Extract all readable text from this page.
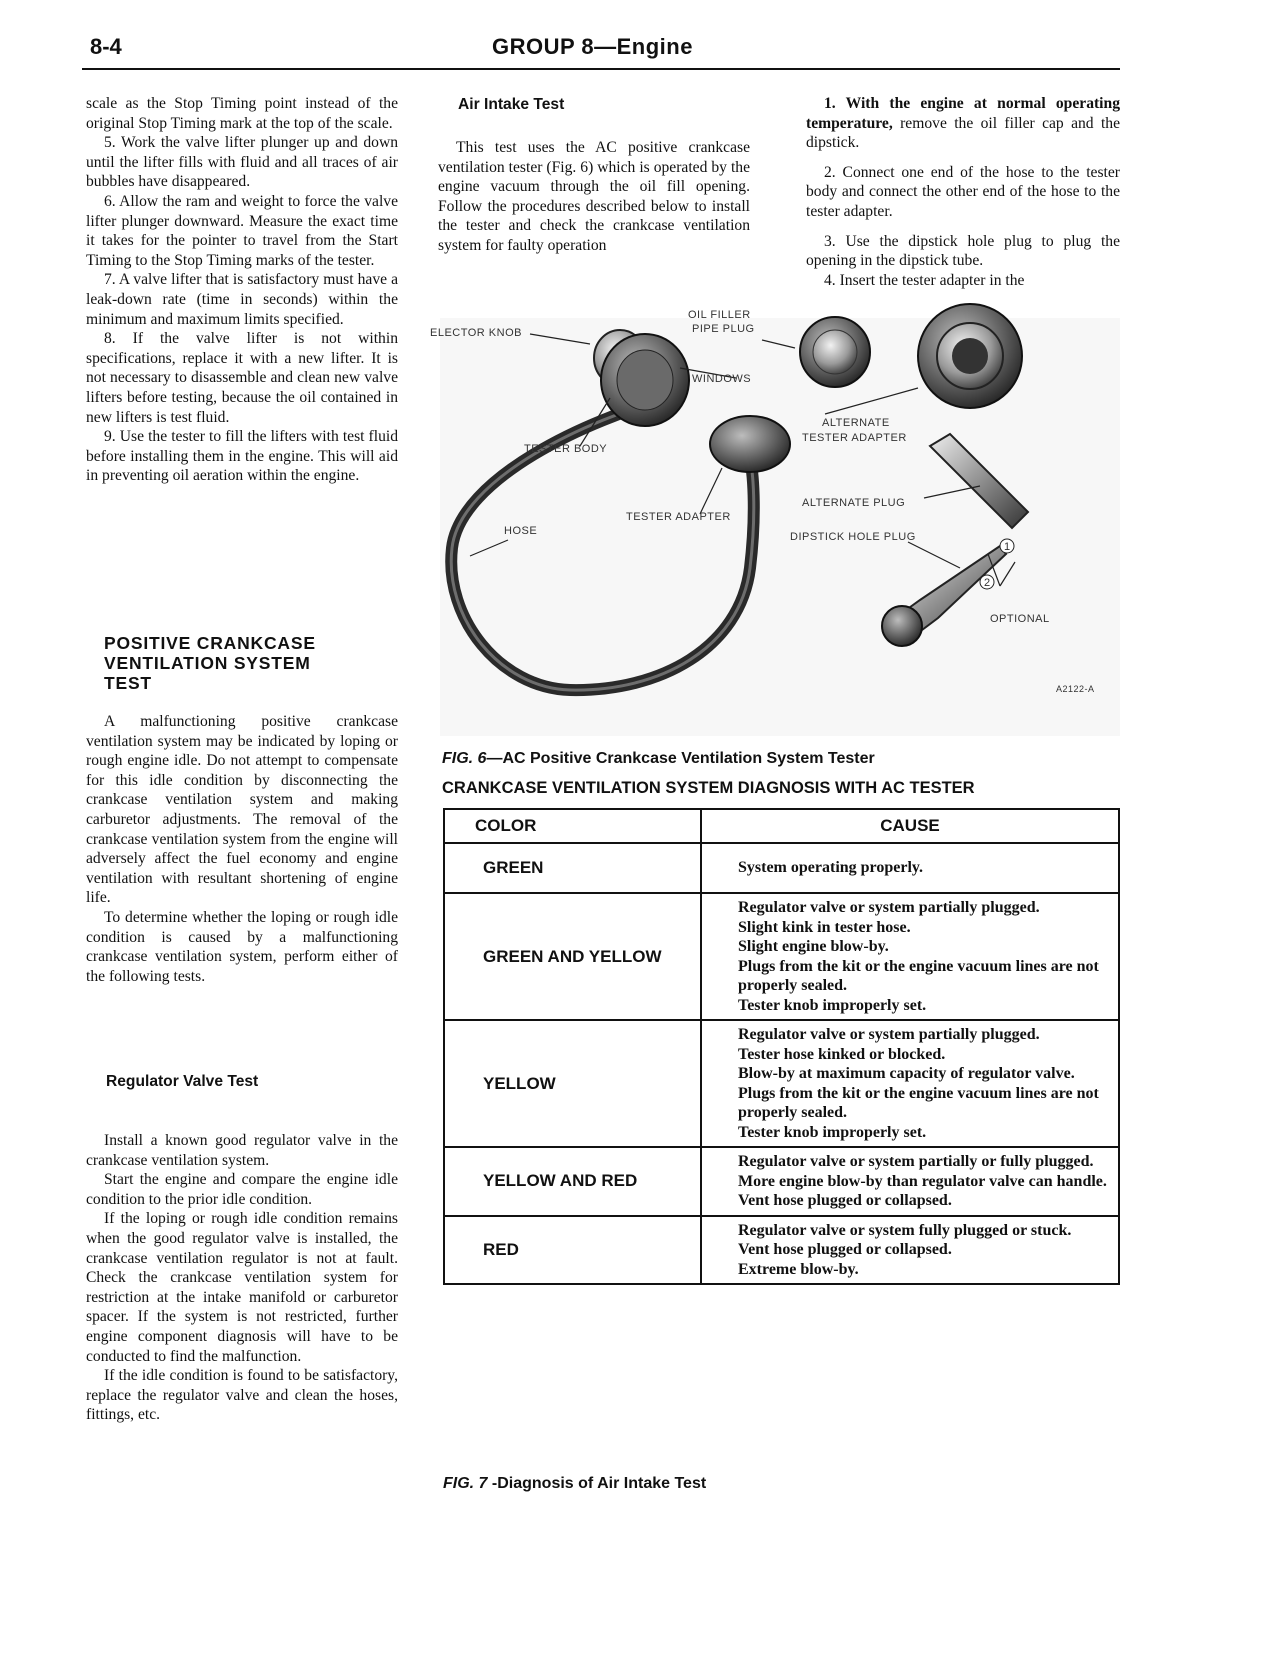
8-4	GROUP 8—Engine

scale as the Stop Timing point instead of the original Stop Timing mark at the top of the scale.

5. Work the valve lifter plunger up and down until the lifter fills with fluid and all traces of air bubbles have disappeared.

6. Allow the ram and weight to force the valve lifter plunger downward. Measure the exact time it takes for the pointer to travel from the Start Timing to the Stop Timing marks of the tester.

7. A valve lifter that is satisfactory must have a leak-down rate (time in seconds) within the minimum and maximum limits specified.

8. If the valve lifter is not within specifications, replace it with a new lifter. It is not necessary to disassemble and clean new valve lifters before testing, because the oil contained in new lifters is test fluid.

9. Use the tester to fill the lifters with test fluid before installing them in the engine. This will aid in preventing oil aeration within the engine.

POSITIVE CRANKCASE VENTILATION SYSTEM TEST

A malfunctioning positive crankcase ventilation system may be indicated by loping or rough engine idle. Do not attempt to compensate for this idle condition by disconnecting the crankcase ventilation system and making carburetor adjustments. The removal of the crankcase ventilation system from the engine will adversely affect the fuel economy and engine ventilation with resultant shortening of engine life.

To determine whether the loping or rough idle condition is caused by a malfunctioning crankcase ventilation system, perform either of the following tests.

Regulator Valve Test

Install a known good regulator valve in the crankcase ventilation system.

Start the engine and compare the engine idle condition to the prior idle condition.

If the loping or rough idle condition remains when the good regulator valve is installed, the crankcase ventilation regulator is not at fault. Check the crankcase ventilation system for restriction at the intake manifold or carburetor spacer. If the system is not restricted, further engine component diagnosis will have to be conducted to find the malfunction.

If the idle condition is found to be satisfactory, replace the regulator valve and clean the hoses, fittings, etc.

Air Intake Test

This test uses the AC positive crankcase ventilation tester (Fig. 6) which is operated by the engine vacuum through the oil fill opening. Follow the procedures described below to install the tester and check the crankcase ventilation system for faulty operation

1. With the engine at normal operating temperature, remove the oil filler cap and the dipstick.

2. Connect one end of the hose to the tester body and connect the other end of the hose to the tester adapter.

3. Use the dipstick hole plug to plug the opening in the dipstick tube.

4. Insert the tester adapter in the

ELECTOR KNOB
OIL FILLER
PIPE PLUG
WINDOWS
ALTERNATE
TESTER ADAPTER
TESTER BODY
ALTERNATE PLUG
TESTER ADAPTER
HOSE	DIPSTICK HOLE PLUG
1
2
OPTIONAL
A2122-A
FIG. 6—AC Positive Crankcase Ventilation System Tester
CRANKCASE VENTILATION SYSTEM DIAGNOSIS WITH AC TESTER
COLOR	CAUSE
GREEN	System operating properly.

GREEN AND YELLOW	Regulator valve or system partially plugged.
Slight kink in tester hose.
Slight engine blow-by.
Plugs from the kit or the engine vacuum lines are not properly sealed.
Tester knob improperly set.

YELLOW	Regulator valve or system partially plugged.
Tester hose kinked or blocked.
Blow-by at maximum capacity of regulator valve.
Plugs from the kit or the engine vacuum lines are not properly sealed.
Tester knob improperly set.

YELLOW AND RED	Regulator valve or system partially or fully plugged.
More engine blow-by than regulator valve can handle.
Vent hose plugged or collapsed.

RED	Regulator valve or system fully plugged or stuck.
Vent hose plugged or collapsed.
Extreme blow-by.
FIG. 7 -Diagnosis of Air Intake Test
